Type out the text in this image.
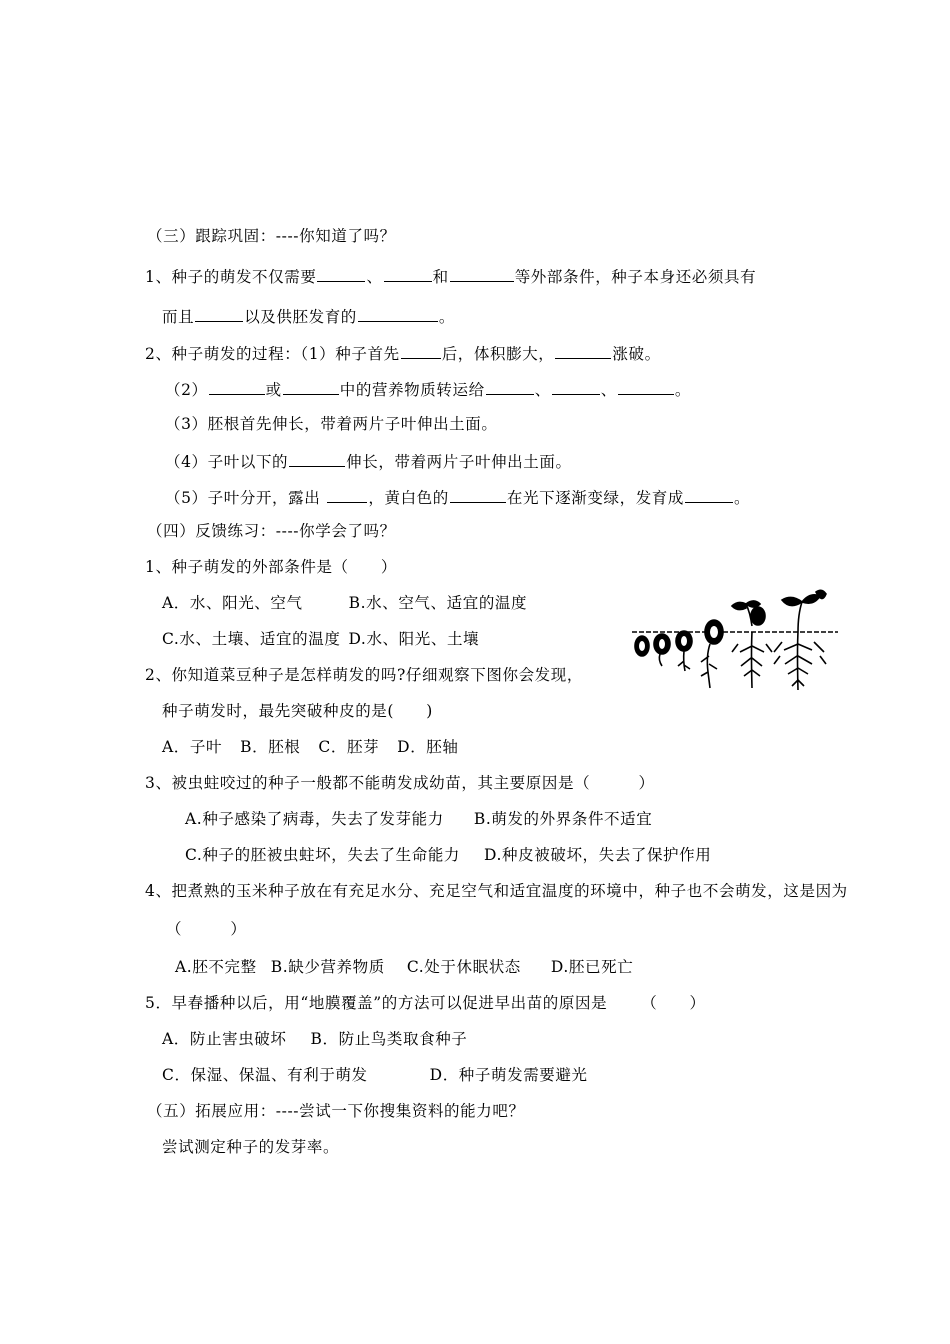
（三）跟踪巩固：----你知道了吗？
1、种子的萌发不仅需要	、	和	等外部条件，种子本身还必须具有
而且	以及供胚发育的	。
2、种子萌发的过程：（1）种子首先	后，体积膨大，	涨破。
（2）	或	中的营养物质转运给	、	、	。
（3）胚根首先伸长，带着两片子叶伸出土面。
（4）子叶以下的	伸长，带着两片子叶伸出土面。
（5）子叶分开，露出	，黄白色的	在光下逐渐变绿，发育成	。
（四）反馈练习：----你学会了吗？
1、种子萌发的外部条件是（　　）
A．水、阳光、空气	B.水、空气、适宜的温度
C.水、土壤、适宜的温度 D.水、阳光、土壤
2、你知道菜豆种子是怎样萌发的吗?仔细观察下图你会发现，
种子萌发时，最先突破种皮的是(　　)
A．子叶 B．胚根 C．胚芽 D．胚轴
3、被虫蛀咬过的种子一般都不能萌发成幼苗，其主要原因是（　　　）
A.种子感染了病毒，失去了发芽能力 B.萌发的外界条件不适宜
C.种子的胚被虫蛀坏，失去了生命能力 D.种皮被破坏，失去了保护作用
4、把煮熟的玉米种子放在有充足水分、充足空气和适宜温度的环境中，种子也不会萌发，这是因为
（　　　）
A.胚不完整 B.缺少营养物质 C.处于休眠状态 D.胚已死亡
5．早春播种以后，用“地膜覆盖”的方法可以促进早出苗的原因是 （　　）
A．防止害虫破坏 B．防止鸟类取食种子
C．保湿、保温、有利于萌发	D．种子萌发需要避光
（五）拓展应用：----尝试一下你搜集资料的能力吧？
尝试测定种子的发芽率。
